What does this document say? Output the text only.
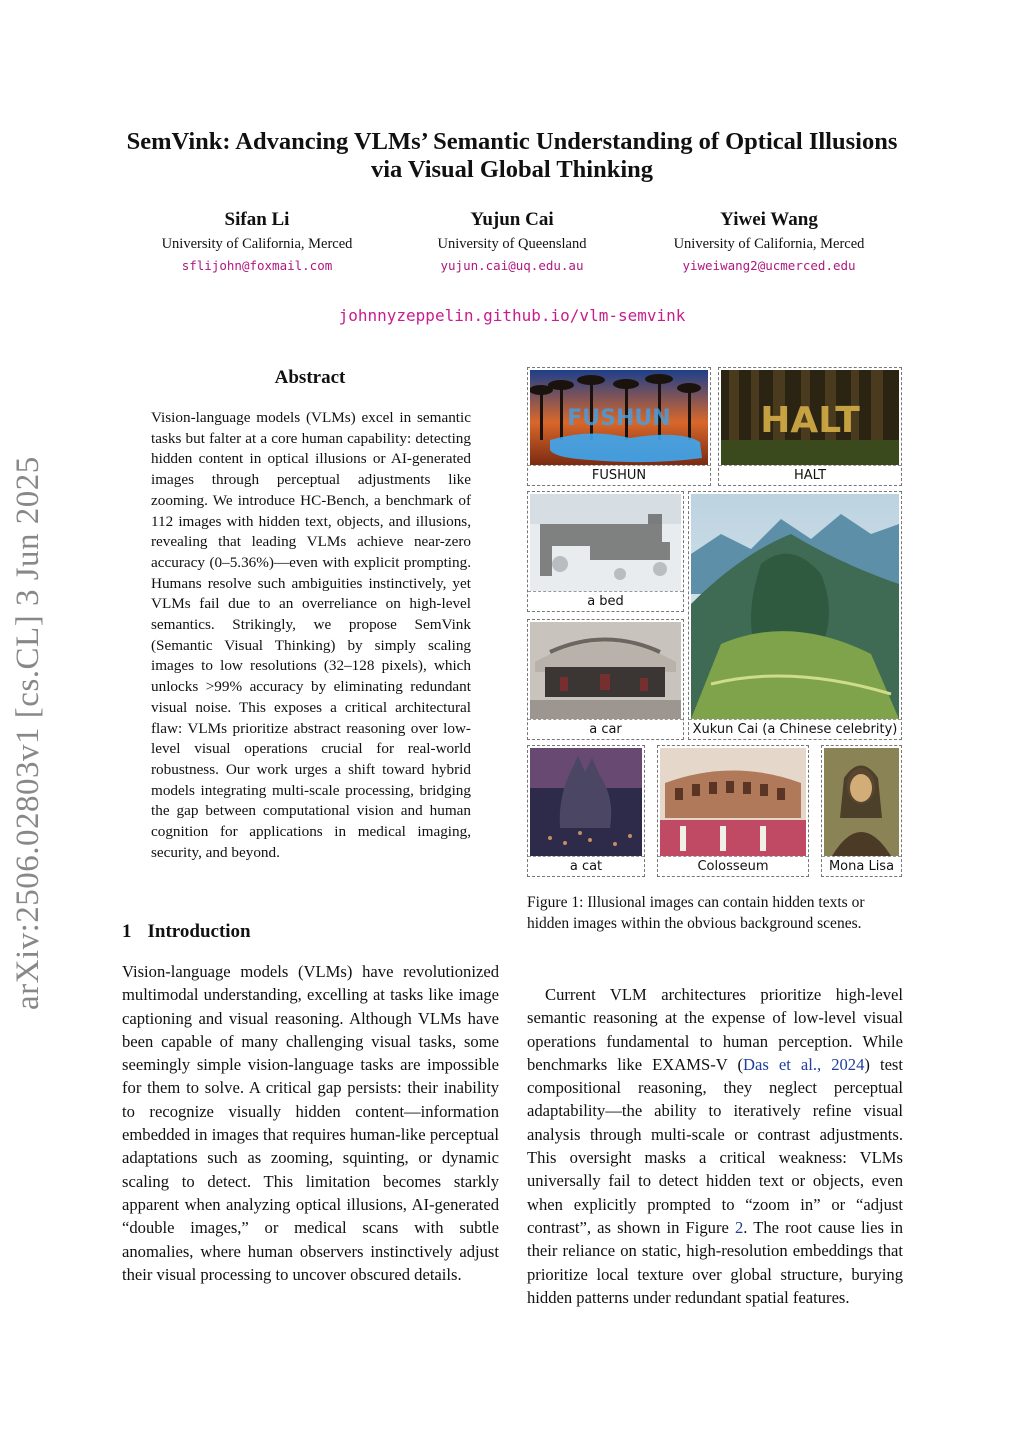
arXiv:2506.02803v1 [cs.CL] 3 Jun 2025
SemVink: Advancing VLMs’ Semantic Understanding of Optical Illusions
via Visual Global Thinking
Sifan Li
University of California, Merced
sflijohn@foxmail.com
Yujun Cai
University of Queensland
yujun.cai@uq.edu.au
Yiwei Wang
University of California, Merced
yiweiwang2@ucmerced.edu
johnnyzeppelin.github.io/vlm-semvink
Abstract
Vision-language models (VLMs) excel in semantic tasks but falter at a core human capability: detecting hidden content in optical illusions or AI-generated images through perceptual adjustments like zooming. We introduce HC-Bench, a benchmark of 112 images with hidden text, objects, and illusions, revealing that leading VLMs achieve near-zero accuracy (0–5.36%)—even with explicit prompting. Humans resolve such ambiguities instinctively, yet VLMs fail due to an overreliance on high-level semantics. Strikingly, we propose SemVink (Semantic Visual Thinking) by simply scaling images to low resolutions (32–128 pixels), which unlocks >99% accuracy by eliminating redundant visual noise. This exposes a critical architectural flaw: VLMs prioritize abstract reasoning over low-level visual operations crucial for real-world robustness. Our work urges a shift toward hybrid models integrating multi-scale processing, bridging the gap between computational vision and human cognition for applications in medical imaging, security, and beyond.
1 Introduction
Vision-language models (VLMs) have revolutionized multimodal understanding, excelling at tasks like image captioning and visual reasoning. Although VLMs have been capable of many challenging visual tasks, some seemingly simple vision-language tasks are impossible for them to solve. A critical gap persists: their inability to recognize visually hidden content—information embedded in images that requires human-like perceptual adaptations such as zooming, squinting, or dynamic scaling to detect. This limitation becomes starkly apparent when analyzing optical illusions, AI-generated “double images,” or medical scans with subtle anomalies, where human observers instinctively adjust their visual processing to uncover obscured details.

Current VLM architectures prioritize high-level semantic reasoning at the expense of low-level visual operations fundamental to human perception. While benchmarks like EXAMS-V (Das et al., 2024) test compositional reasoning, they neglect perceptual adaptability—the ability to iteratively refine visual analysis through multi-scale or contrast adjustments. This oversight masks a critical weakness: VLMs universally fail to detect hidden text or objects, even when explicitly prompted to “zoom in” or “adjust contrast”, as shown in Figure 2. The root cause lies in their reliance on static, high-resolution embeddings that prioritize local texture over global structure, burying hidden patterns under redundant spatial features.

FUSHUN
FUSHUN
HALT
HALT
a bed
a car	Xukun Cai (a Chinese celebrity)
a cat	Colosseum	Mona Lisa
Figure 1: Illusional images can contain hidden texts or hidden images within the obvious background scenes.
